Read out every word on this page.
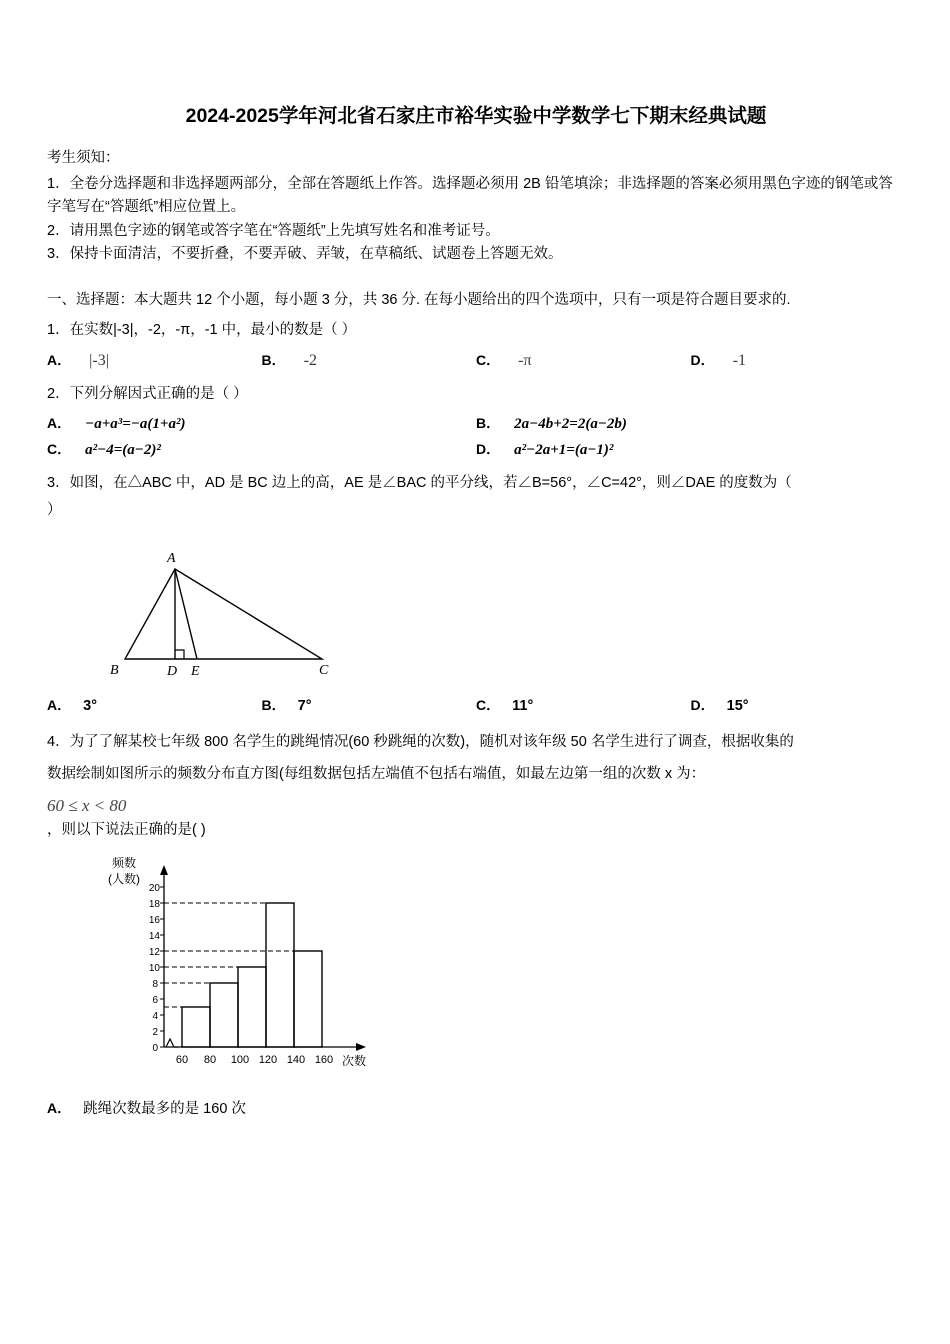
2024-2025学年河北省石家庄市裕华实验中学数学七下期末经典试题
考生须知：
1．全卷分选择题和非选择题两部分，全部在答题纸上作答。选择题必须用 2B 铅笔填涂；非选择题的答案必须用黑色字迹的钢笔或答字笔写在“答题纸”相应位置上。
2．请用黑色字迹的钢笔或答字笔在“答题纸”上先填写姓名和准考证号。
3．保持卡面清洁，不要折叠，不要弄破、弄皱，在草稿纸、试题卷上答题无效。
一、选择题：本大题共 12 个小题，每小题 3 分，共 36 分. 在每小题给出的四个选项中，只有一项是符合题目要求的.
1．在实数|-3|，-2，-π，-1 中，最小的数是（ ）
A． |-3|	B． -2	C． -π	D． -1
2．下列分解因式正确的是（ ）
A． −a+a³=−a(1+a²)	B． 2a−4b+2=2(a−2b)
C． a²−4=(a−2)²	D． a²−2a+1=(a−1)²
3．如图，在△ABC 中，AD 是 BC 边上的高，AE 是∠BAC 的平分线，若∠B=56°，∠C=42°，则∠DAE 的度数为（
）
A
B	D E	C
A． 3°	B． 7°	C． 11°	D． 15°
4．为了了解某校七年级 800 名学生的跳绳情况(60 秒跳绳的次数)，随机对该年级 50 名学生进行了调查，根据收集的
数据绘制如图所示的频数分布直方图(每组数据包括左端值不包括右端值，如最左边第一组的次数 x 为：
60 ≤ x < 80
，则以下说法正确的是( )
频数
(人数)
次数
0
2
4
6
8
10
12
14
16
18
20
60 80 100 120 140 160
A． 跳绳次数最多的是 160 次
